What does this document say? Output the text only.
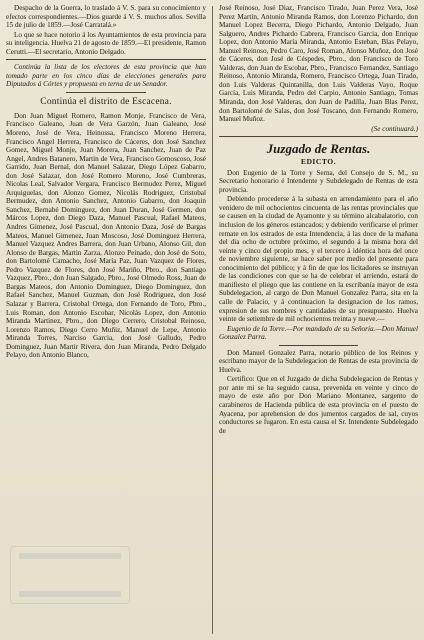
Despacho de la Guerra, lo traslado á V. S. para su conocimiento y efectos correspondientes.—Dios guarde á V. S. muchos años. Sevilla 15 de julio de 1859.—José Carratalá.»

Lo que se hace notorio á los Ayuntamientos de esta provincia para su inteligencia. Huelva 21 de agosto de 1859.—El presidente, Ramon Cerutti.—El secretario, Antonio Delgado.

Continúa la lista de los electores de esta provincia que han tomado parte en los cinco días de elecciones generales para Diputados á Córtes y propuesta en terna de un Senador.

Continúa el distrito de Escacena.

Don Juan Miguel Romero, Ramon Monje, Francisco de Vera, Francisco Galeano, Juan de Vera Garzón, Juan Galeano, José Moreno, José de Vera, Heinossa, Francisco Moreno Herrera, Francisco Angel Herrera, Francisco de Cáceres, don José Sanchez Gomez, Miguel Monje, Juan Morera, Juan Sanchez, Juan de Paz Angel, Andres Batanero, Martin de Vera, Francisco Gomoscoso, José Garrido, Juan Bernal, don Manuel Salazar, Diego López Gabarro, don José Salazar, don José Romero Moreno, José Cumbreras, Nicolas Leal, Salvador Vergara, Francisco Bermudez Perez, Miguel Arquiguelas, don Alonzo Gomez, Nicolás Rodriguez, Cristobal Bermudez, don Antonio Sanchez, Antonio Gabarro, don Joaquin Sanchez, Bernabé Dominguez, don Juan Duran, José Germen, don Márcos Lopez, don Diego Daza, Manuel Pascual, Rafael Mateos, Andres Gimenez, José Pascual, don Antonio Daza, José de Bargas Mateos, Manuel Gimenez, Juan Moscoso, José Dominguez Herrera, Manuel Vazquez Andres Barrera, don Juan Urbano, Alonso Gil, don Alonso de Bargas, Martin Zarza, Alonzo Peinado, don José de Soto, don Bartolomé Camacho, José María Paz, Juan Vazquez de Flores, Pedro Vazquez de Flores, don José Mariño, Pbro., don Santiago Vazquez, Pbro., don Juan Salgado, Pbro., José Olmedo Ross, Juan de Bargas Mateos, don Antonio Dominguez, Diego Dominguez, don Rafael Sanchez, Manuel Guzman, don José Rodriguez, don José Salazar y Barrera, Cristobal Ortega, don Fernando de Toro, Pbro., Luis Roman, don Antonio Escobar, Nicolás Lopez, don Antonio Miranda Martinez, Pbro., don Diego Cerrero, Cristobal Reinoso, Lorenzo Ramos, Diego Cerro Muñiz, Manuel de Lepe, Antonio Miranda Torres, Narciso Garcia, don José Galludo, Pedro Dominguez, Juan Martir Rivera, don Juan Miranda, Pedro Delgado Pelayo, don Antonio Blanco,

José Reinoso, José Diaz, Francisco Tirado, Juan Perez Vera, José Perez Martín, Antonio Miranda Ramos, don Lorenzo Pichardo, don Manuel Lopez Becerra, Diego Pichardo, Antonio Delgado, Juan Salguero, Andres Pichardo Cabrera, Francisco Garcia, don Enrique Lopez, don Antonio María Miranda, Antonio Esteban, Blas Pelayo, Manuel Reinoso, Pedro Caro, José Roman, Alonso Muñoz, don José de Cáceres, don José de Céspedes, Pbro., don Francisco de Toro Valderas, don Juan de Escobar, Pbro., Francisco Fernandez, Santiago Reinoso, Antonio Miranda, Romero, Francisco Ortega, Juan Tirado, don Luis Valderas Quintanilla, don Luis Valderas Vayo, Roque García, Luis Miranda, Pedro del Carpio, Antonio Santiago, Tomas Miranda, don José Valderas, don Juan de Padilla, Juan Blas Perez, don Bartolomé de Salas, don José Toscano, don Fernando Romero, Manuel Muñoz.

(Se continuará.)
Juzgado de Rentas.
EDICTO.

Don Eugenio de la Torre y Serna, del Consejo de S. M., su Secretario honorario é Intendente y Subdelegado de Rentas de esta provincia.

Debiendo procederse á la subasta en arrendamiento para el año venidero de mil ochocientos cincuenta de las rentas provinciales que se causen en la ciudad de Ayamonte y su término alcabalatorio, con inclusion de los géneros estancados; y debiendo verificarse el primer remate en los estrados de esta Intendencia, á las doce de la mañana del dia ocho de octubre próximo, el segundo á la misma hora del veinte y cinco del propio mes, y el tercero á idéntica hora del once de noviembre siguiente, se hace saber por medio del presente para conocimiento del público; y á fin de que los licitadores se instruyan de las condiciones con que se ha de celebrar el arriendo, estará de manifiesto el pliego que las contiene en la escribanía mayor de esta Subdelegacion, al cargo de Don Manuel Gonzalez Parra, sita en la calle de Palacio, y á continuacion la designacion de los ramos, expresion de sus nombres y cantidades de su presupuesto. Huelva veinte de setiembre de mil ochocientos treinta y nueve.—

Eugenio de la Torre.—Por mandado de su Señoría.—Don Manuel Gonzalez Parra.

Don Manuel Gonzalez Parra, notario público de los Reinos y escribano mayor de la Subdelegacion de Rentas de esta provincia de Huelva.

Certifico: Que en el Juzgado de dicha Subdelegacion de Rentas y por ante mi se ha seguido causa, prevenida en veinte y cinco de mayo de este año por Don Mariano Montanez, sargento de carabineros de Hacienda pública de esta provincia en el puesto de Ayacena, por aprehension de dos jumentos cargados de sal, cuyos conductores se fugaron. En esta causa el Sr. Intendente Subdelegado de
